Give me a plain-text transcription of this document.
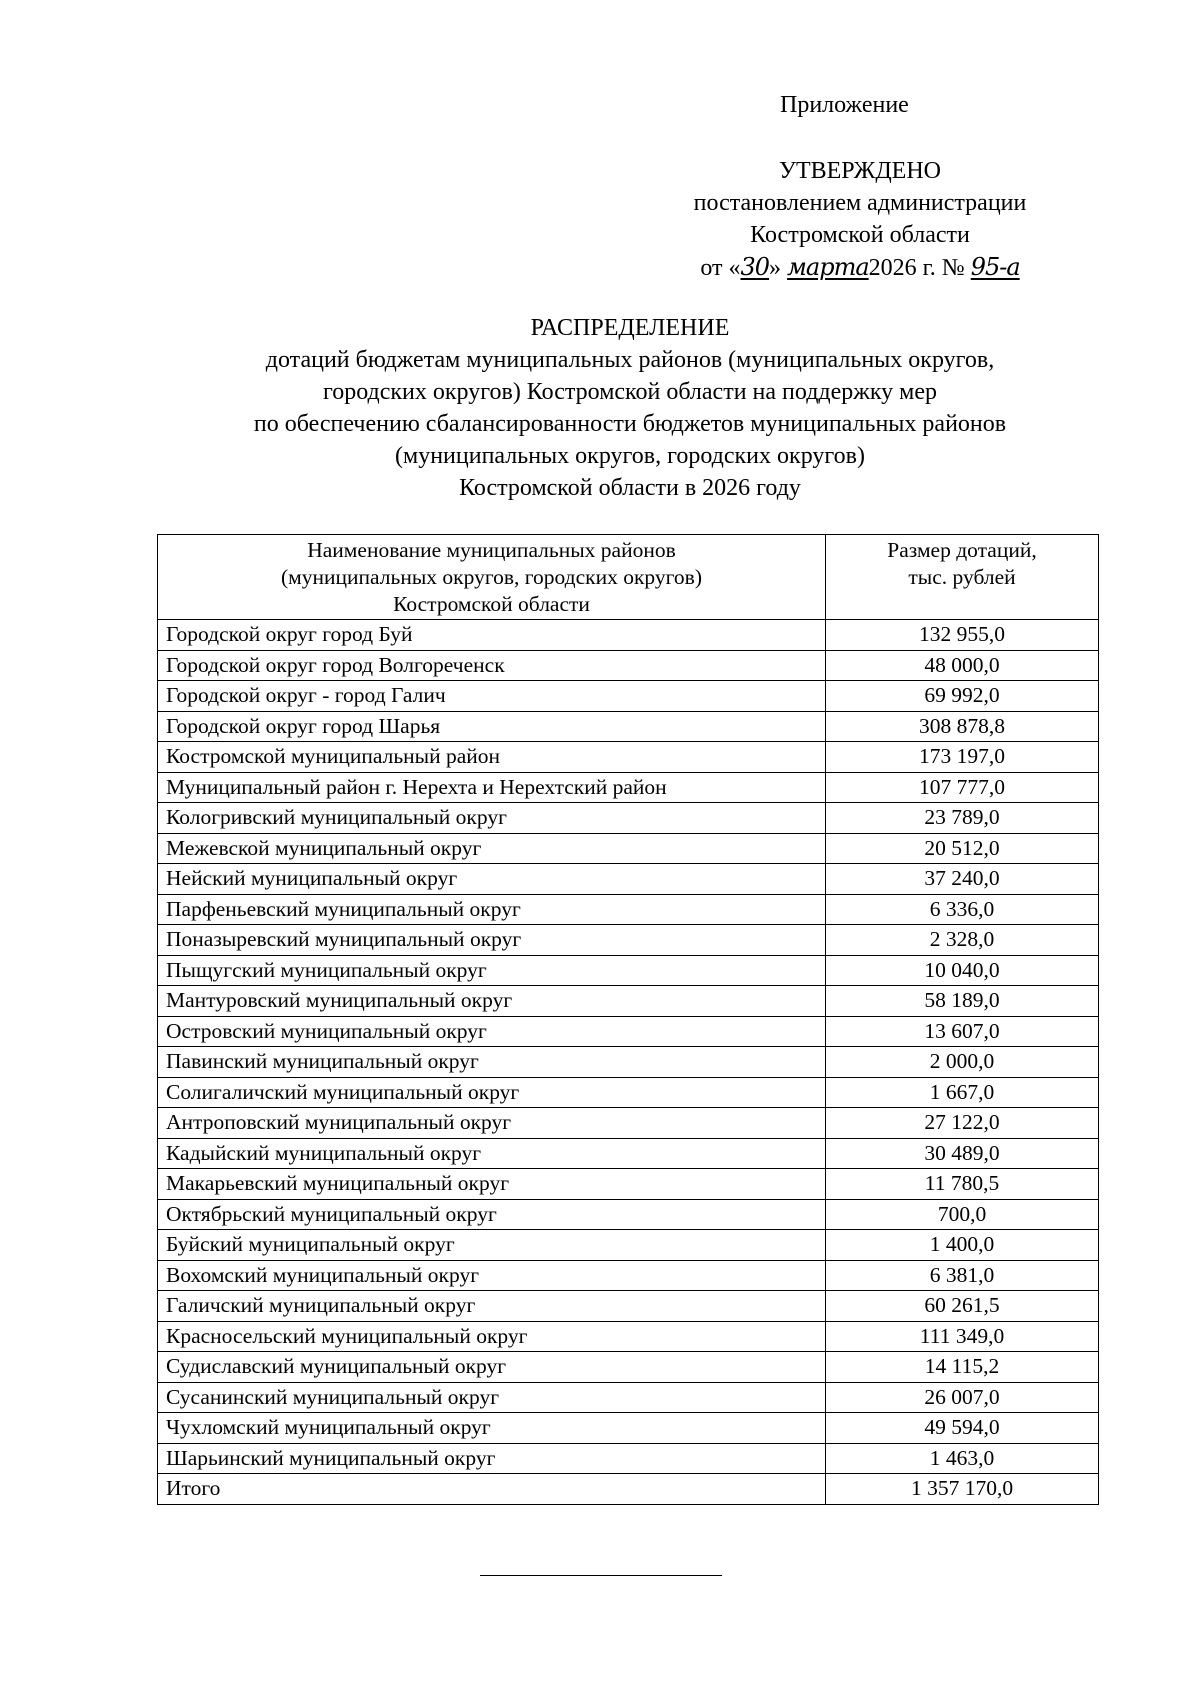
Приложение
УТВЕРЖДЕНО
постановлением администрации
Костромской области
от «30» марта2026 г. № 95-а
РАСПРЕДЕЛЕНИЕ
дотаций бюджетам муниципальных районов (муниципальных округов,
городских округов) Костромской области на поддержку мер
по обеспечению сбалансированности бюджетов муниципальных районов
(муниципальных округов, городских округов)
Костромской области в 2026 году
Наименование муниципальных районов
(муниципальных округов, городских округов)
Костромской области	Размер дотаций,
тыс. рублей

Городской округ город Буй	132 955,0
Городской округ город Волгореченск	48 000,0
Городской округ - город Галич	69 992,0
Городской округ город Шарья	308 878,8
Костромской муниципальный район	173 197,0
Муниципальный район г. Нерехта и Нерехтский район	107 777,0
Кологривский муниципальный округ	23 789,0
Межевской муниципальный округ	20 512,0
Нейский муниципальный округ	37 240,0
Парфеньевский муниципальный округ	6 336,0
Поназыревский муниципальный округ	2 328,0
Пыщугский муниципальный округ	10 040,0
Мантуровский муниципальный округ	58 189,0
Островский муниципальный округ	13 607,0
Павинский муниципальный округ	2 000,0
Солигаличский муниципальный округ	1 667,0
Антроповский муниципальный округ	27 122,0
Кадыйский муниципальный округ	30 489,0
Макарьевский муниципальный округ	11 780,5
Октябрьский муниципальный округ	700,0
Буйский муниципальный округ	1 400,0
Вохомский муниципальный округ	6 381,0
Галичский муниципальный округ	60 261,5
Красносельский муниципальный округ	111 349,0
Судиславский муниципальный округ	14 115,2
Сусанинский муниципальный округ	26 007,0
Чухломский муниципальный округ	49 594,0
Шарьинский муниципальный округ	1 463,0
Итого	1 357 170,0
